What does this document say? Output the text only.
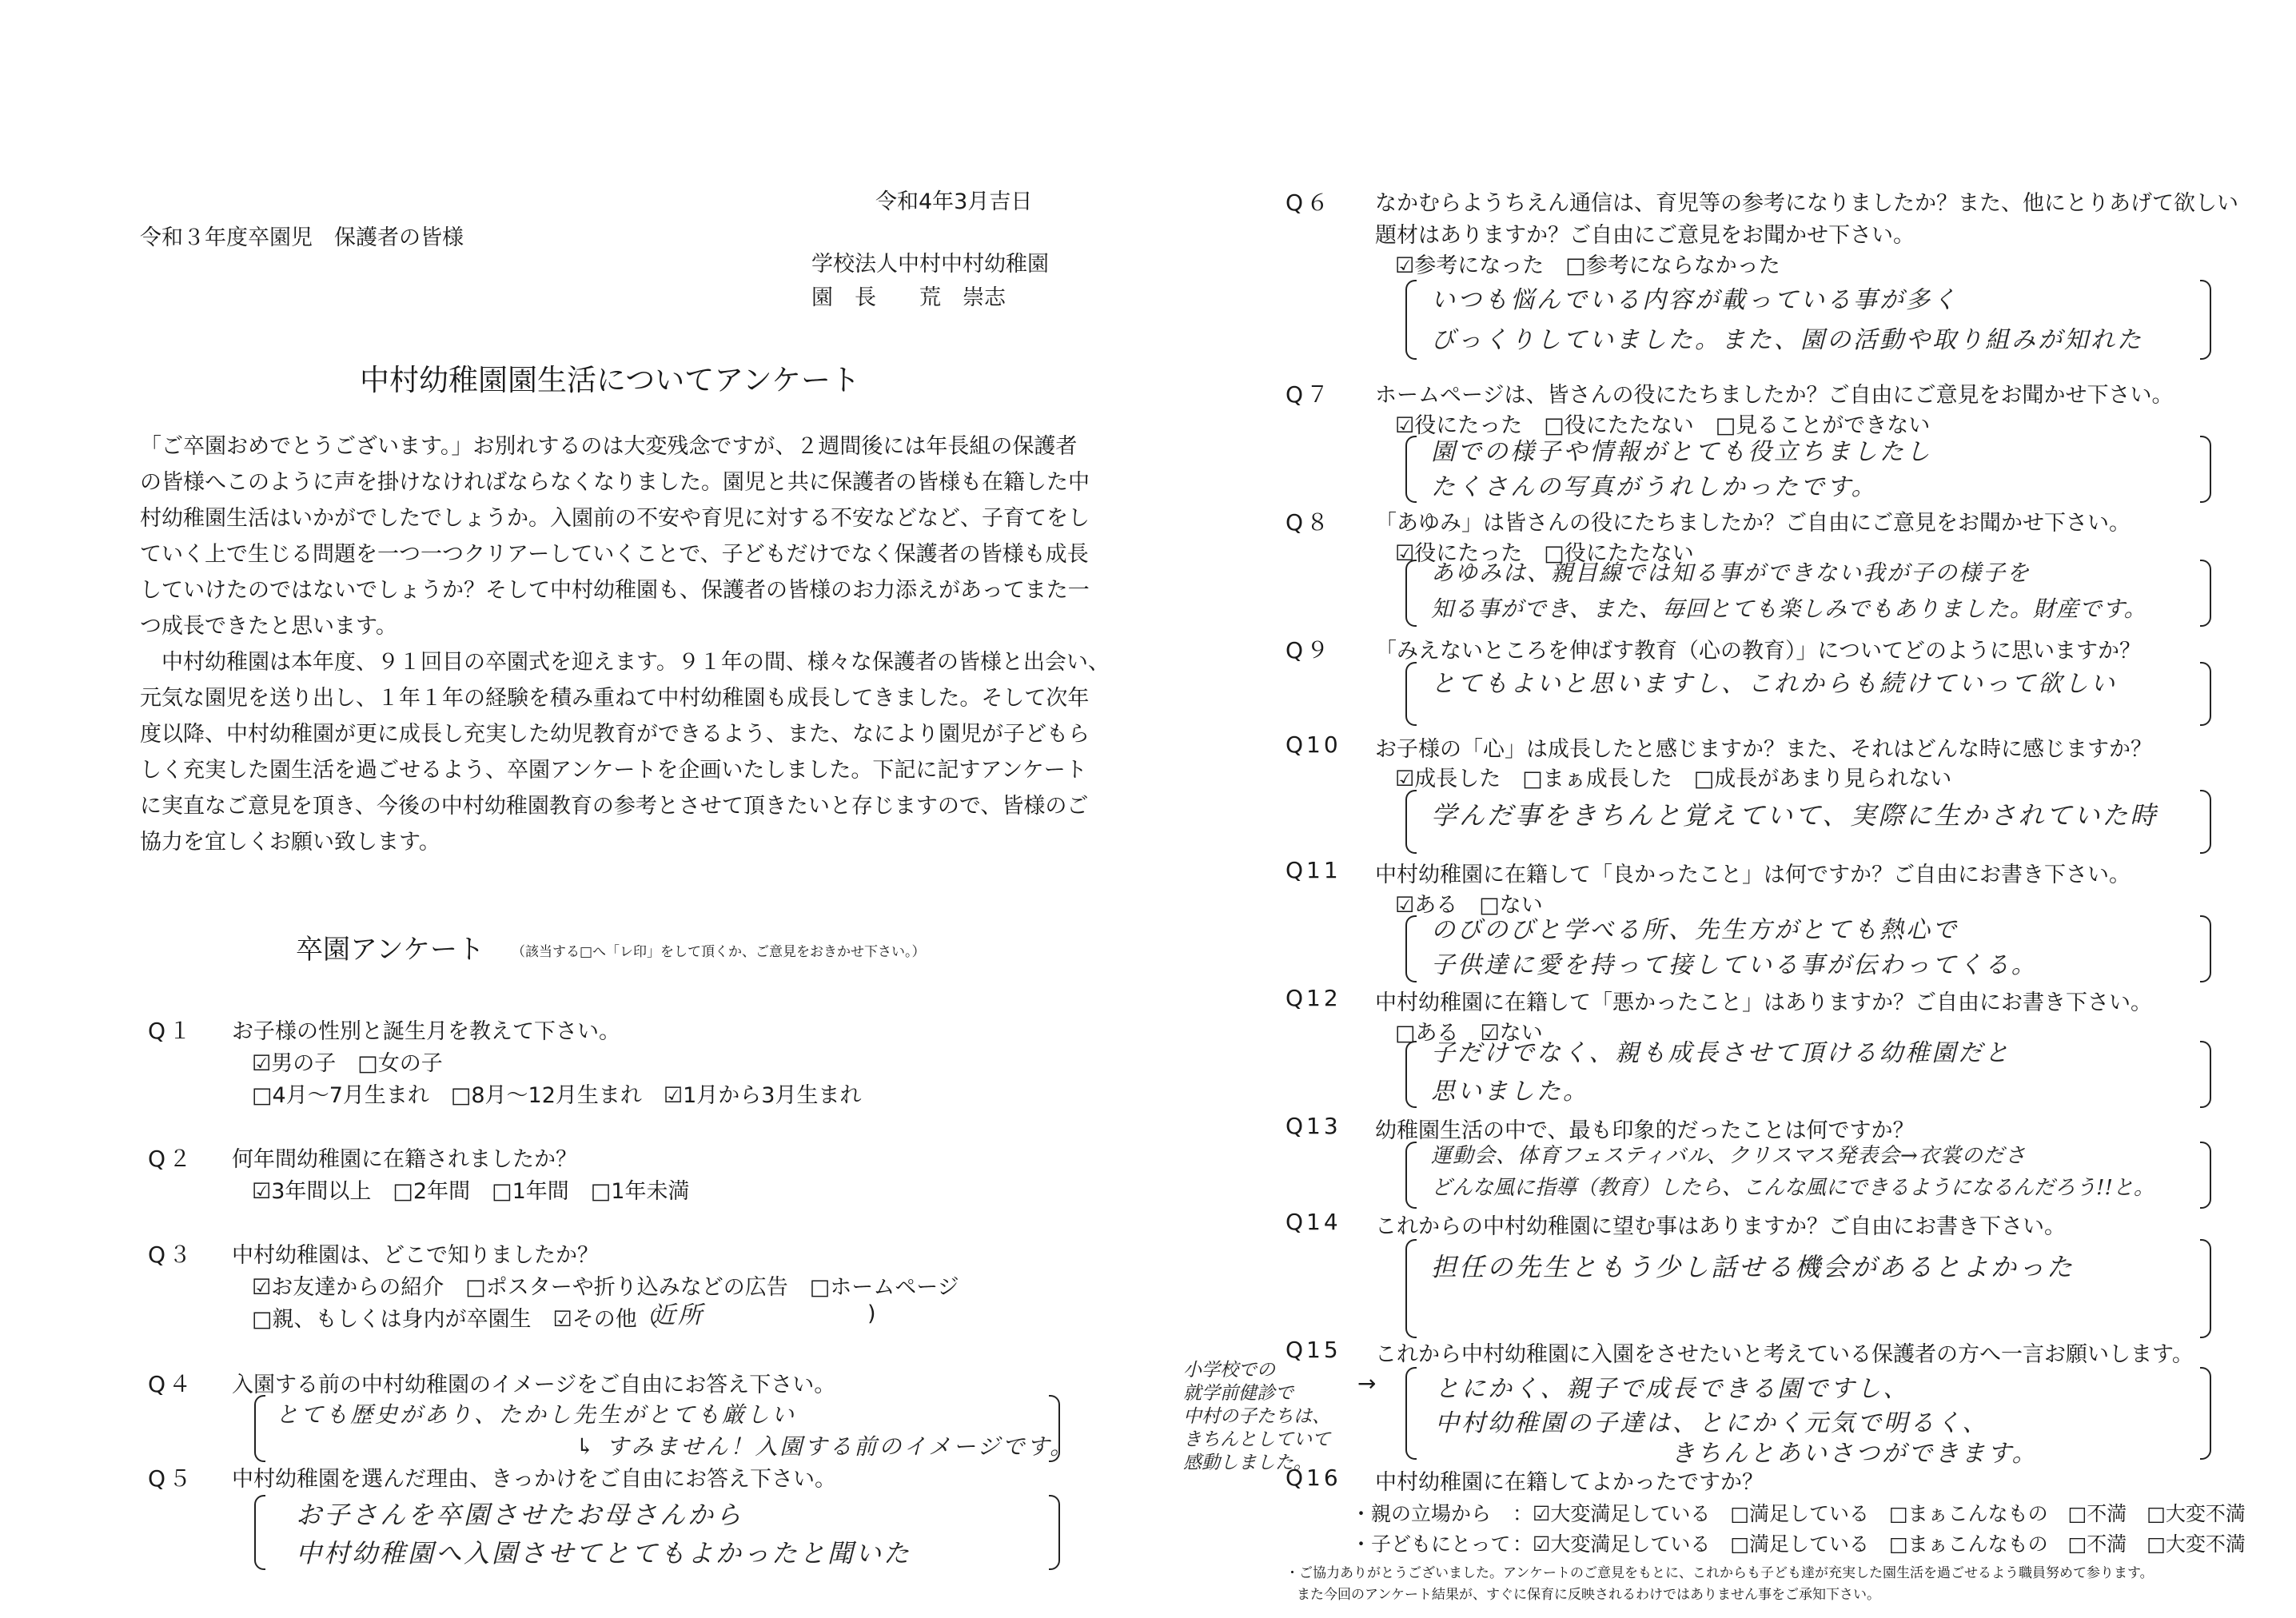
令和4年3月吉日
令和３年度卒園児　保護者の皆様
学校法人中村中村幼稚園
園　長　　荒　崇志
中村幼稚園園生活についてアンケート
「ご卒園おめでとうございます。」お別れするのは大変残念ですが、２週間後には年長組の保護者
の皆様へこのように声を掛けなければならなくなりました。園児と共に保護者の皆様も在籍した中
村幼稚園生活はいかがでしたでしょうか。入園前の不安や育児に対する不安などなど、子育てをし
ていく上で生じる問題を一つ一つクリアーしていくことで、子どもだけでなく保護者の皆様も成長
していけたのではないでしょうか？そして中村幼稚園も、保護者の皆様のお力添えがあってまた一
つ成長できたと思います。
　中村幼稚園は本年度、９１回目の卒園式を迎えます。９１年の間、様々な保護者の皆様と出会い、
元気な園児を送り出し、１年１年の経験を積み重ねて中村幼稚園も成長してきました。そして次年
度以降、中村幼稚園が更に成長し充実した幼児教育ができるよう、また、なにより園児が子どもら
しく充実した園生活を過ごせるよう、卒園アンケートを企画いたしました。下記に記すアンケート
に実直なご意見を頂き、今後の中村幼稚園教育の参考とさせて頂きたいと存じますので、皆様のご
協力を宜しくお願い致します。
卒園アンケート （該当する□へ「レ印」をして頂くか、ご意見をおきかせ下さい。）
Q１ お子様の性別と誕生月を教えて下さい。
☑男の子　□女の子
□4月～7月生まれ　□8月～12月生まれ　☑1月から3月生まれ
Q２ 何年間幼稚園に在籍されましたか？
☑3年間以上　□2年間　□1年間　□1年未満
Q３ 中村幼稚園は、どこで知りましたか？
☑お友達からの紹介　□ポスターや折り込みなどの広告　□ホームページ
□親、もしくは身内が卒園生　☑その他（
近所	)
Q４ 入園する前の中村幼稚園のイメージをご自由にお答え下さい。
とても歴史があり、たかし先生がとても厳しい
↳ すみません！入園する前のイメージです。
Q５ 中村幼稚園を選んだ理由、きっかけをご自由にお答え下さい。
お子さんを卒園させたお母さんから
中村幼稚園へ入園させてとてもよかったと聞いた
Q６ なかむらようちえん通信は、育児等の参考になりましたか？また、他にとりあげて欲しい
題材はありますか？ご自由にご意見をお聞かせ下さい。
☑参考になった　□参考にならなかった
いつも悩んでいる内容が載っている事が多く
びっくりしていました。また、園の活動や取り組みが知れた
Q７ ホームページは、皆さんの役にたちましたか？ご自由にご意見をお聞かせ下さい。
☑役にたった　□役にたたない　□見ることができない
園での様子や情報がとても役立ちましたし
たくさんの写真がうれしかったです。
Q８ 「あゆみ」は皆さんの役にたちましたか？ご自由にご意見をお聞かせ下さい。
☑役にたった　□役にたたない
あゆみは、親目線では知る事ができない我が子の様子を
知る事ができ、また、毎回とても楽しみでもありました。財産です。
Q９ 「みえないところを伸ばす教育（心の教育）」についてどのように思いますか？
とてもよいと思いますし、これからも続けていって欲しい
Q10 お子様の「心」は成長したと感じますか？また、それはどんな時に感じますか？
☑成長した　□まぁ成長した　□成長があまり見られない
学んだ事をきちんと覚えていて、実際に生かされていた時
Q11 中村幼稚園に在籍して「良かったこと」は何ですか？ご自由にお書き下さい。
☑ある　□ない
のびのびと学べる所、先生方がとても熱心で
子供達に愛を持って接している事が伝わってくる。
Q12 中村幼稚園に在籍して「悪かったこと」はありますか？ご自由にお書き下さい。
□ある　☑ない
子だけでなく、親も成長させて頂ける幼稚園だと
思いました。
Q13 幼稚園生活の中で、最も印象的だったことは何ですか？
運動会、体育フェスティバル、クリスマス発表会→衣裳のださ
どんな風に指導（教育）したら、こんな風にできるようになるんだろう!!と。
Q14 これからの中村幼稚園に望む事はありますか？ご自由にお書き下さい。
担任の先生ともう少し話せる機会があるとよかった
Q15 これから中村幼稚園に入園をさせたいと考えている保護者の方へ一言お願いします。
とにかく、親子で成長できる園ですし、
中村幼稚園の子達は、とにかく元気で明るく、
きちんとあいさつができます。
小学校での
就学前健診で
中村の子たちは、
きちんとしていて
感動しました。
→
Q16 中村幼稚園に在籍してよかったですか？
・親の立場から ：☑大変満足している　□満足している　□まぁこんなもの　□不満　□大変不満
・子どもにとって ：☑大変満足している　□満足している　□まぁこんなもの　□不満　□大変不満
・ご協力ありがとうございました。アンケートのご意見をもとに、これからも子ども達が充実した園生活を過ごせるよう職員努めて参ります。
また今回のアンケート結果が、すぐに保育に反映されるわけではありません事をご承知下さい。
